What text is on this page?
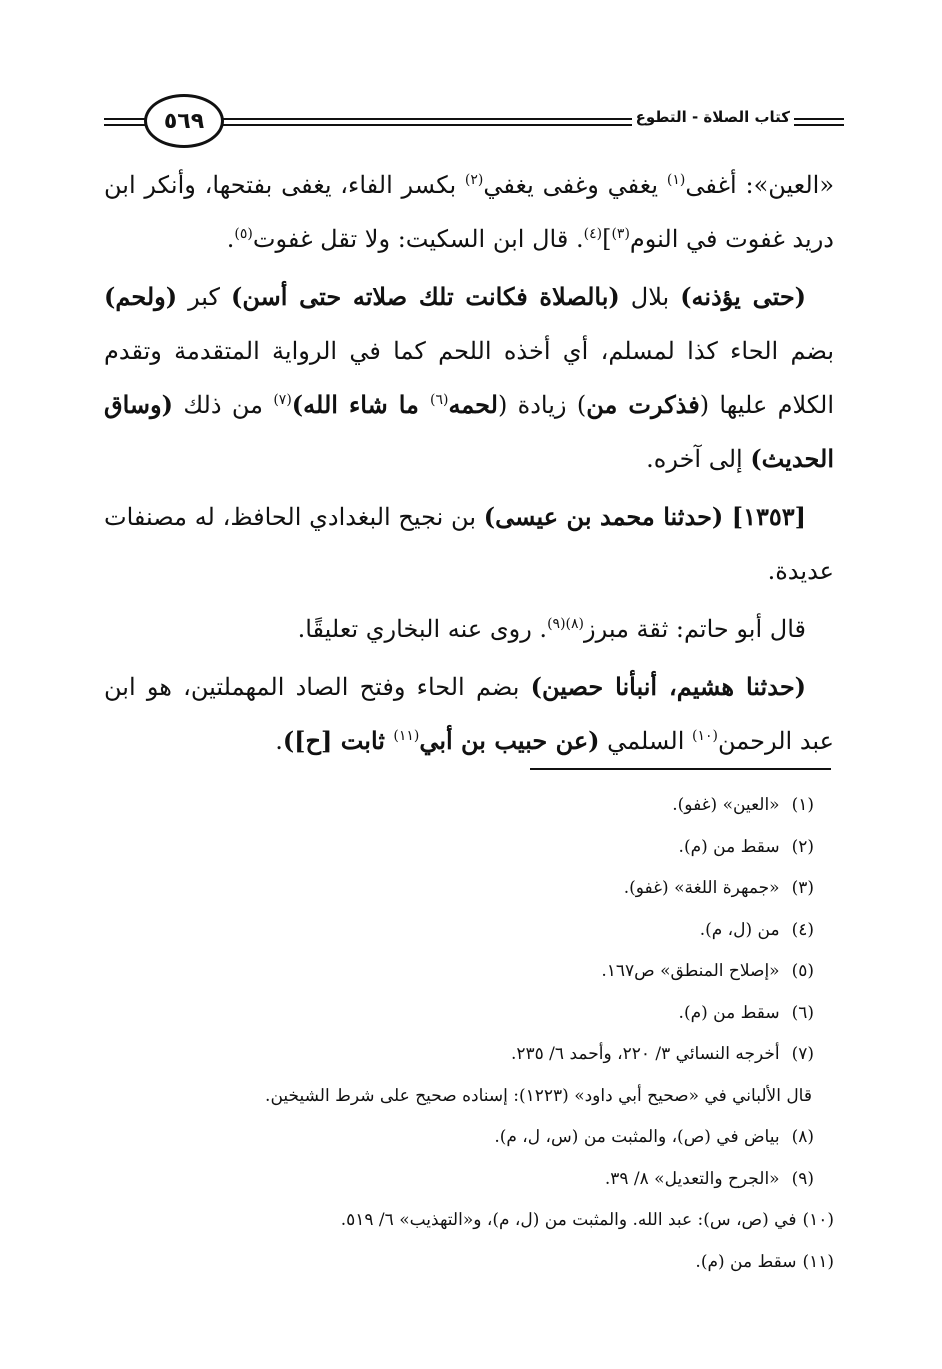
٥٦٩	كتاب الصلاة - التطوع

«العين»: أغفى$^{(١)}$ يغفي وغفى يغفي$^{(٢)}$ بكسر الفاء، يغفى بفتحها، وأنكر ابن دريد غفوت في النوم$^{(٣)}$]$^{(٤)}$. قال ابن السكيت: ولا تقل غفوت$^{(٥)}$.

(حتى يؤذنه) بلال (بالصلاة فكانت تلك صلاته حتى أسن) كبر (ولحم) بضم الحاء كذا لمسلم، أي أخذه اللحم كما في الرواية المتقدمة وتقدم الكلام عليها (فذكرت من) زيادة (لحمه$^{(٦)}$ ما شاء الله)$^{(٧)}$ من ذلك (وساق الحديث) إلى آخره.

[١٣٥٣] (حدثنا محمد بن عيسى) بن نجيح البغدادي الحافظ، له مصنفات عديدة.

قال أبو حاتم: ثقة مبرز$^{(٨)(٩)}$. روى عنه البخاري تعليقًا.

(حدثنا هشيم، أنبأنا حصين) بضم الحاء وفتح الصاد المهملتين، هو ابن عبد الرحمن$^{(١٠)}$ السلمي (عن حبيب بن أبي$^{(١١)}$ ثابت [ح]).

(١)«العين» (غفو).
(٢)سقط من (م).
(٣)«جمهرة اللغة» (غفو).
(٤)من (ل، م).
(٥)«إصلاح المنطق» ص١٦٧.
(٦)سقط من (م).
(٧)أخرجه النسائي ٣/ ٢٢٠، وأحمد ٦/ ٢٣٥.
قال الألباني في «صحيح أبي داود» (١٢٢٣): إسناده صحيح على شرط الشيخين.
(٨)بياض في (ص)، والمثبت من (س، ل، م).
(٩)«الجرح والتعديل» ٨/ ٣٩.
(١٠)في (ص، س): عبد الله. والمثبت من (ل، م)، و«التهذيب» ٦/ ٥١٩.
(١١)سقط من (م).
